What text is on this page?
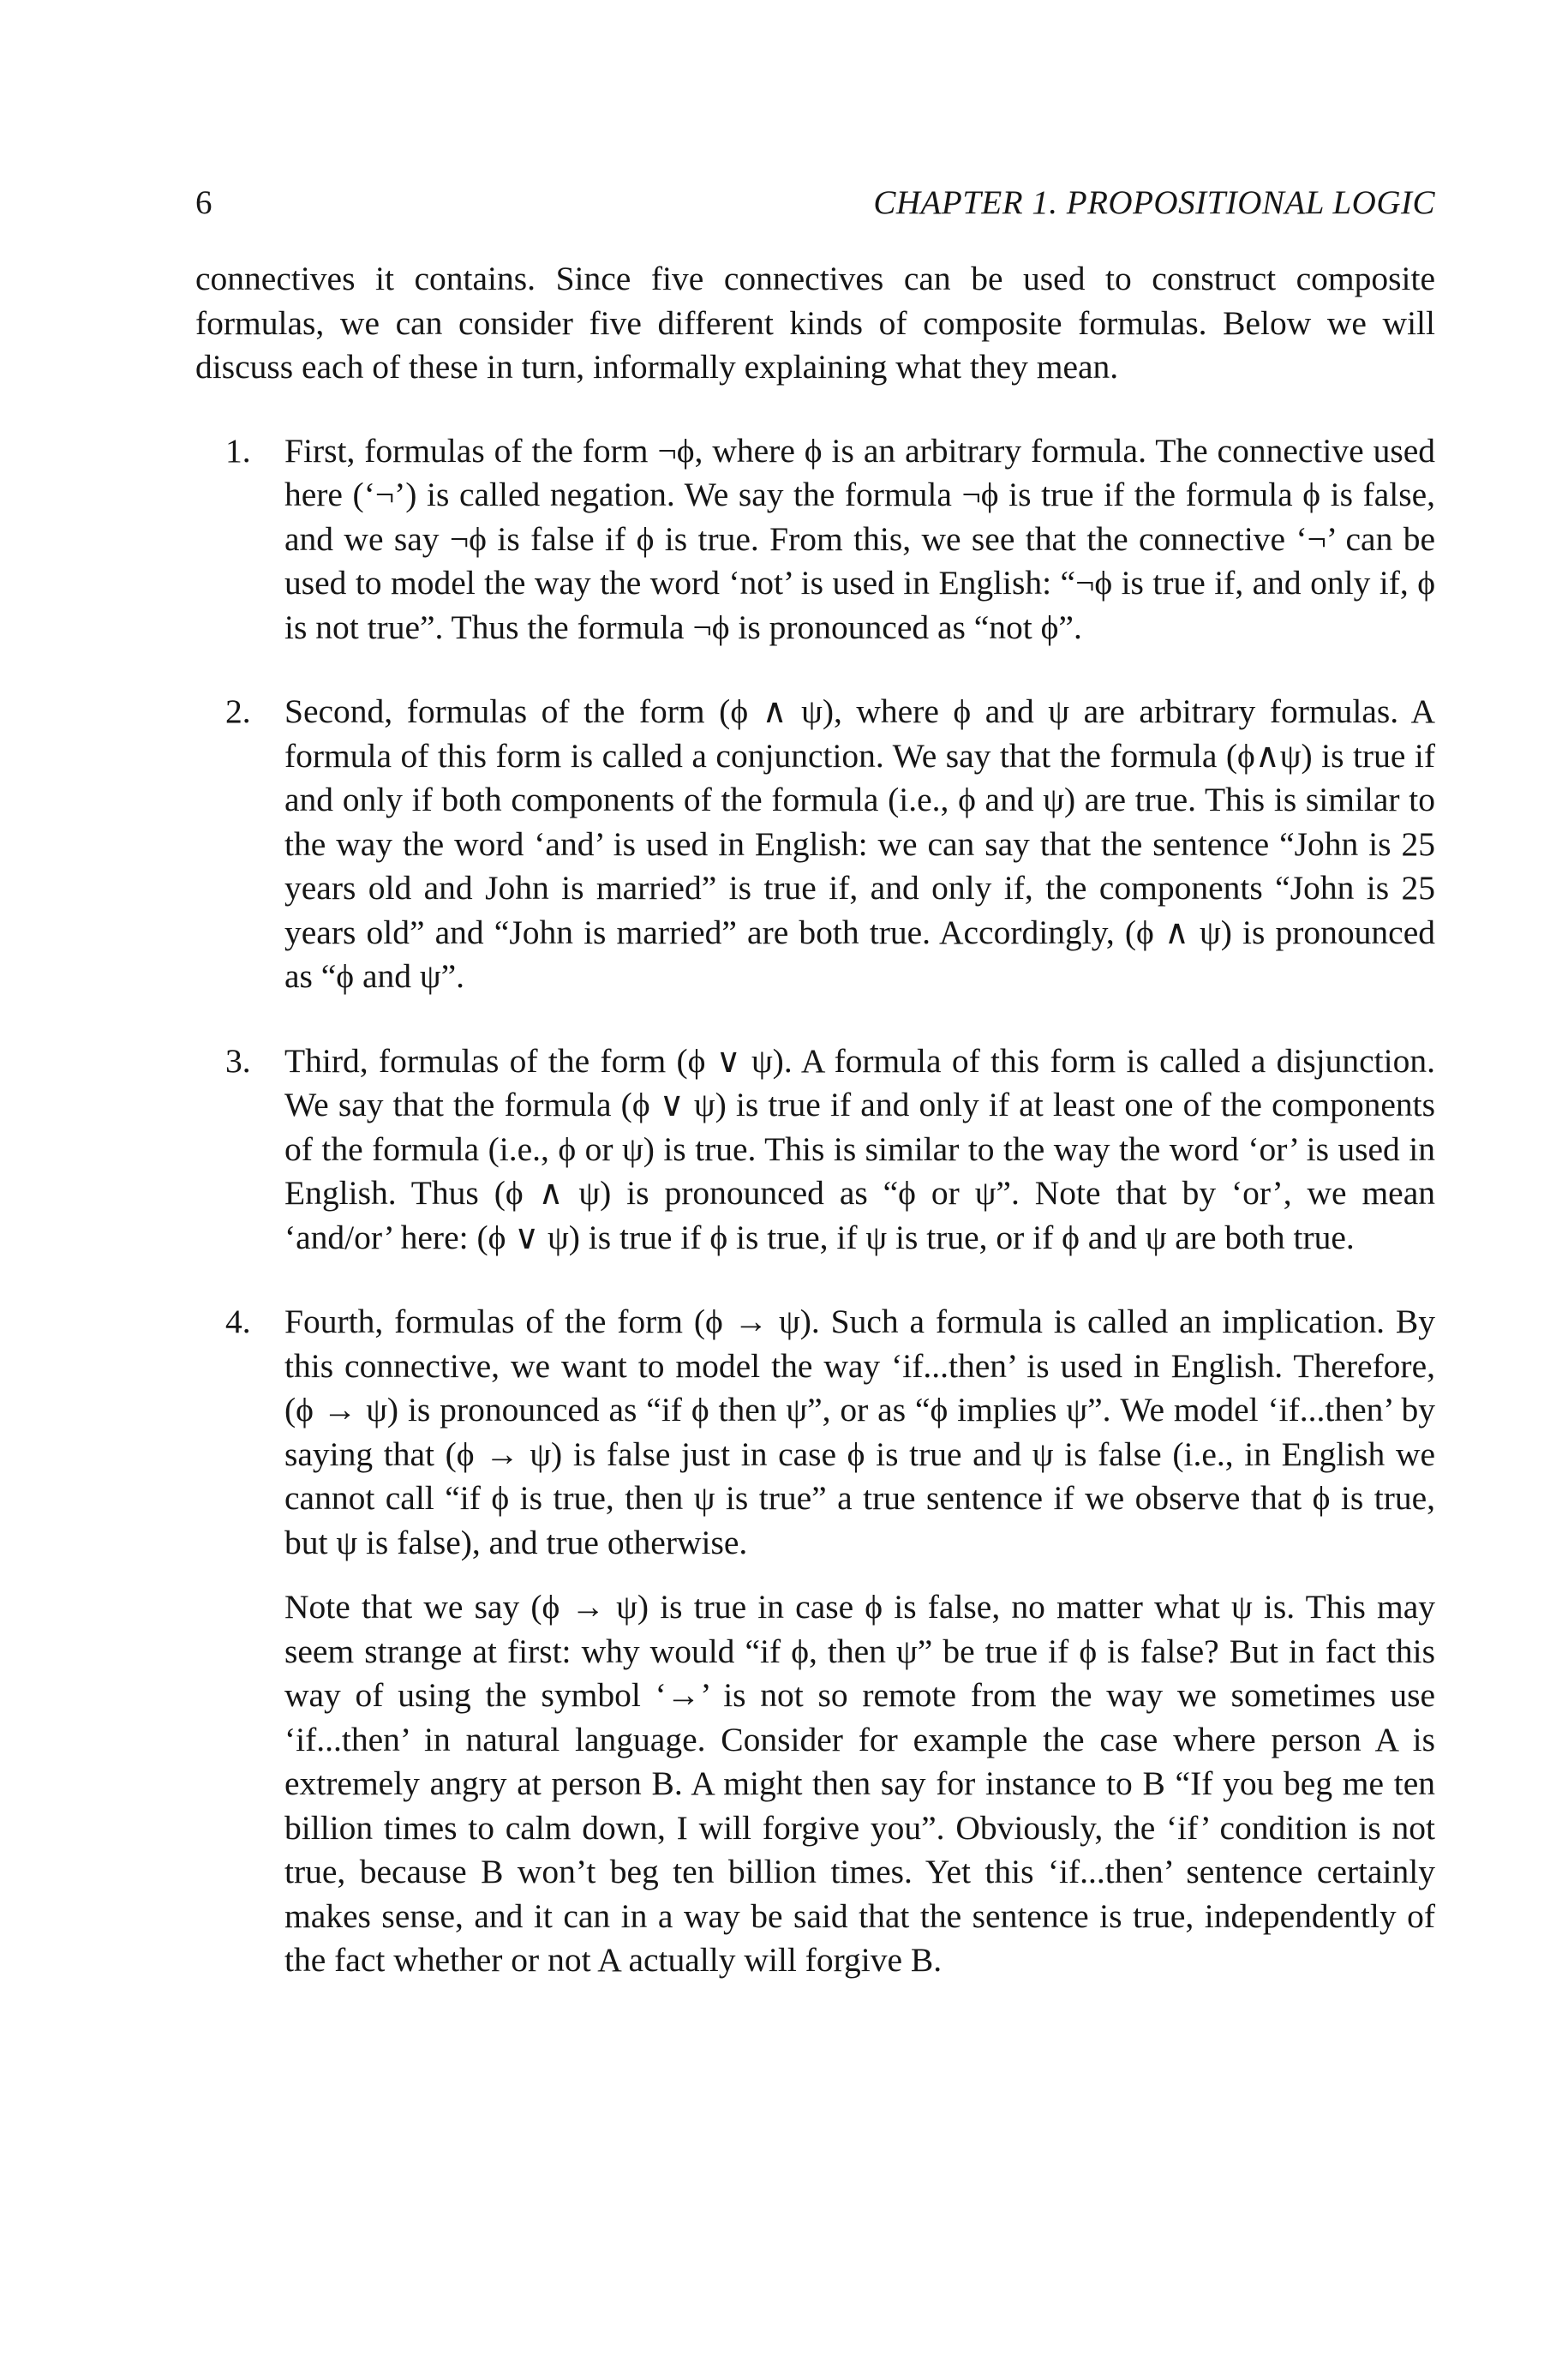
6	CHAPTER 1. PROPOSITIONAL LOGIC

connectives it contains. Since five connectives can be used to construct composite formulas, we can consider five different kinds of composite formulas. Below we will discuss each of these in turn, informally explaining what they mean.

1. First, formulas of the form ¬ϕ, where ϕ is an arbitrary formula. The connective used here (‘¬’) is called negation. We say the formula ¬ϕ is true if the formula ϕ is false, and we say ¬ϕ is false if ϕ is true. From this, we see that the connective ‘¬’ can be used to model the way the word ‘not’ is used in English: “¬ϕ is true if, and only if, ϕ is not true”. Thus the formula ¬ϕ is pronounced as “not ϕ”.

2. Second, formulas of the form (ϕ ∧ ψ), where ϕ and ψ are arbitrary formulas. A formula of this form is called a conjunction. We say that the formula (ϕ∧ψ) is true if and only if both components of the formula (i.e., ϕ and ψ) are true. This is similar to the way the word ‘and’ is used in English: we can say that the sentence “John is 25 years old and John is married” is true if, and only if, the components “John is 25 years old” and “John is married” are both true. Accordingly, (ϕ ∧ ψ) is pronounced as “ϕ and ψ”.

3. Third, formulas of the form (ϕ ∨ ψ). A formula of this form is called a disjunction. We say that the formula (ϕ ∨ ψ) is true if and only if at least one of the components of the formula (i.e., ϕ or ψ) is true. This is similar to the way the word ‘or’ is used in English. Thus (ϕ ∧ ψ) is pronounced as “ϕ or ψ”. Note that by ‘or’, we mean ‘and/or’ here: (ϕ ∨ ψ) is true if ϕ is true, if ψ is true, or if ϕ and ψ are both true.

4. Fourth, formulas of the form (ϕ → ψ). Such a formula is called an implication. By this connective, we want to model the way ‘if...then’ is used in English. Therefore, (ϕ → ψ) is pronounced as “if ϕ then ψ”, or as “ϕ implies ψ”. We model ‘if...then’ by saying that (ϕ → ψ) is false just in case ϕ is true and ψ is false (i.e., in English we cannot call “if ϕ is true, then ψ is true” a true sentence if we observe that ϕ is true, but ψ is false), and true otherwise.

Note that we say (ϕ → ψ) is true in case ϕ is false, no matter what ψ is. This may seem strange at first: why would “if ϕ, then ψ” be true if ϕ is false? But in fact this way of using the symbol ‘→’ is not so remote from the way we sometimes use ‘if...then’ in natural language. Consider for example the case where person A is extremely angry at person B. A might then say for instance to B “If you beg me ten billion times to calm down, I will forgive you”. Obviously, the ‘if’ condition is not true, because B won’t beg ten billion times. Yet this ‘if...then’ sentence certainly makes sense, and it can in a way be said that the sentence is true, independently of the fact whether or not A actually will forgive B.
